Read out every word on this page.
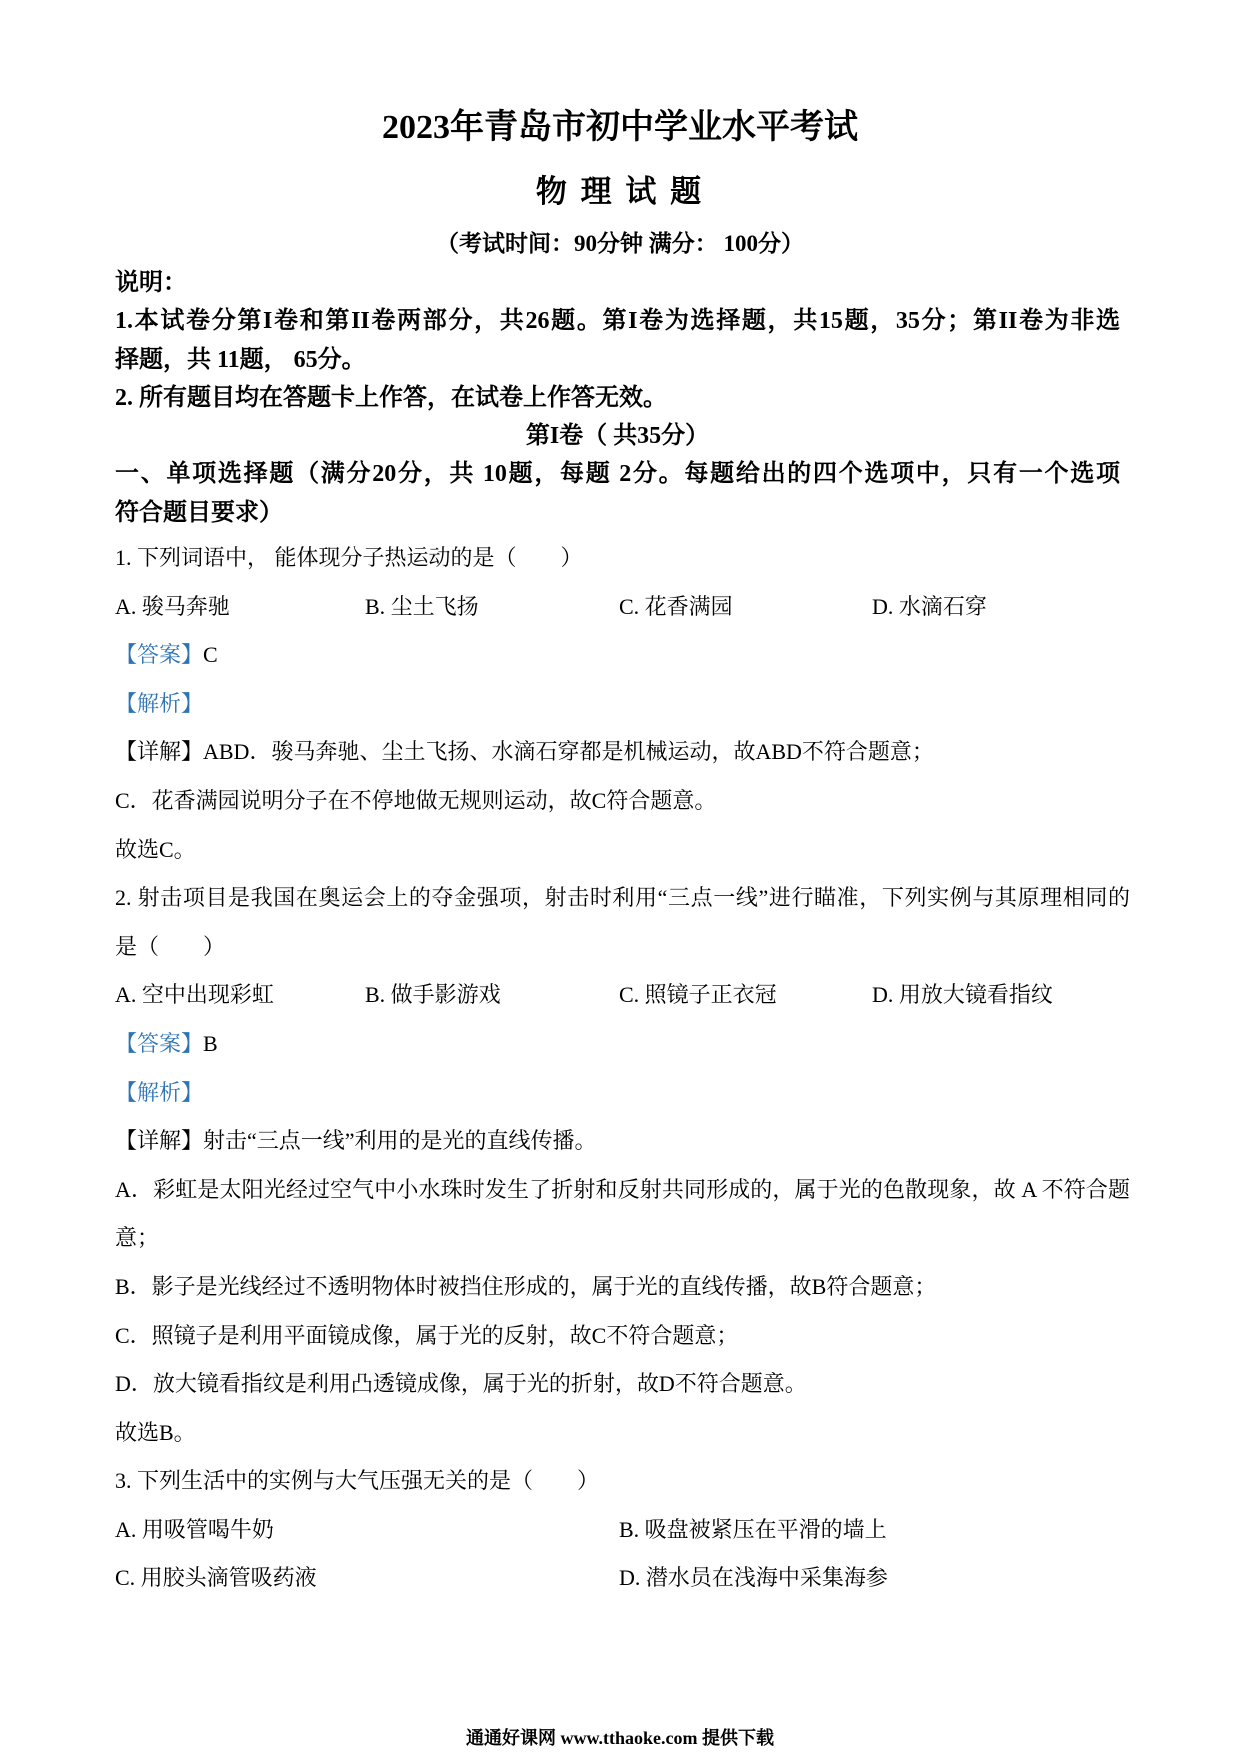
2023年青岛市初中学业水平考试
物 理 试 题
（考试时间：90分钟 满分： 100分）
说明：
1.本试卷分第I卷和第II卷两部分，共26题。第I卷为选择题，共15题，35分；第II卷为非选
择题，共 11题， 65分。
2. 所有题目均在答题卡上作答，在试卷上作答无效。
第I卷（ 共35分）
一、单项选择题（满分20分，共 10题，每题 2分。每题给出的四个选项中，只有一个选项
符合题目要求）
1. 下列词语中， 能体现分子热运动的是（　　）
A. 骏马奔驰	B. 尘土飞扬	C. 花香满园	D. 水滴石穿
【答案】C
【解析】
【详解】ABD．骏马奔驰、尘土飞扬、水滴石穿都是机械运动，故ABD不符合题意；
C．花香满园说明分子在不停地做无规则运动，故C符合题意。
故选C。
2. 射击项目是我国在奥运会上的夺金强项，射击时利用“三点一线”进行瞄准，下列实例与其原理相同的
是（　　）
A. 空中出现彩虹	B. 做手影游戏	C. 照镜子正衣冠	D. 用放大镜看指纹
【答案】B
【解析】
【详解】射击“三点一线”利用的是光的直线传播。
A．彩虹是太阳光经过空气中小水珠时发生了折射和反射共同形成的，属于光的色散现象，故 A 不符合题
意；
B．影子是光线经过不透明物体时被挡住形成的，属于光的直线传播，故B符合题意；
C．照镜子是利用平面镜成像，属于光的反射，故C不符合题意；
D．放大镜看指纹是利用凸透镜成像，属于光的折射，故D不符合题意。
故选B。
3. 下列生活中的实例与大气压强无关的是（　　）
A. 用吸管喝牛奶	B. 吸盘被紧压在平滑的墙上
C. 用胶头滴管吸药液	D. 潜水员在浅海中采集海参
通通好课网 www.tthaoke.com 提供下载
